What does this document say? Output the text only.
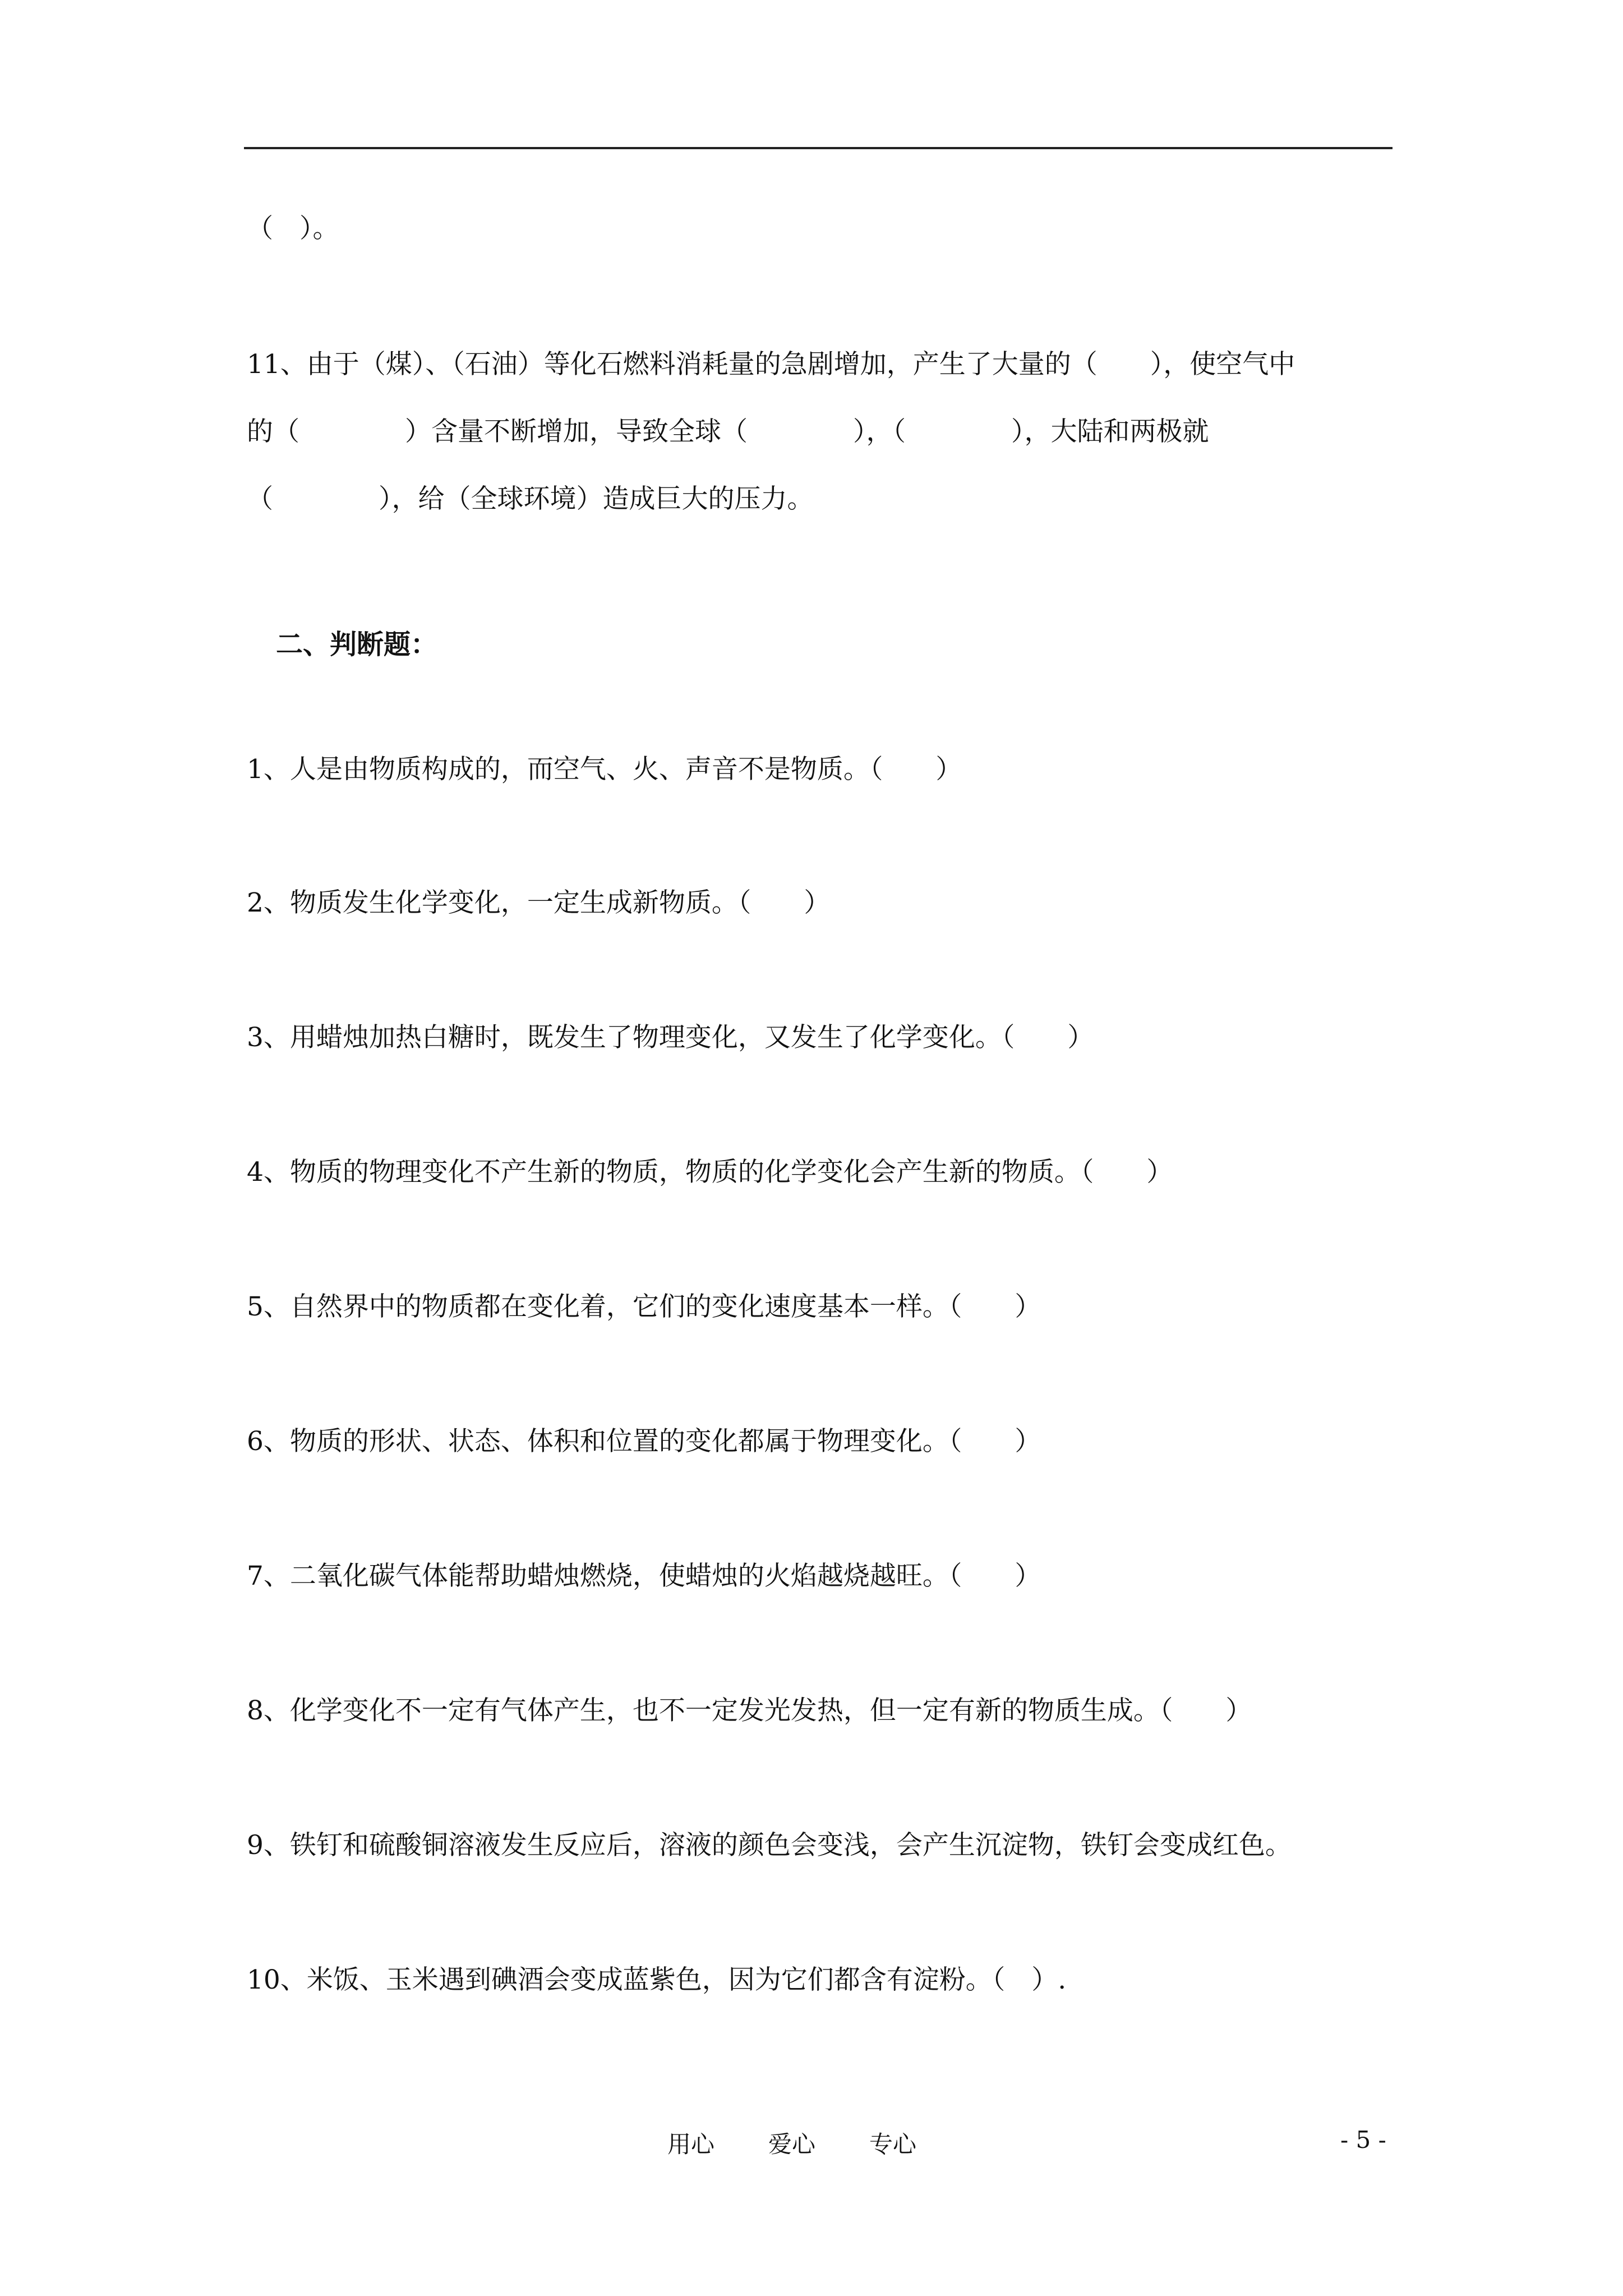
（　）。
11、由于（煤）、（石油）等化石燃料消耗量的急剧增加，产生了大量的（　　），使空气中
的（　　　　）含量不断增加，导致全球（　　　　），（　　　　），大陆和两极就
（　　　　），给（全球环境）造成巨大的压力。
二、判断题：
1、人是由物质构成的，而空气、火、声音不是物质。（　　）
2、物质发生化学变化，一定生成新物质。（　　）
3、用蜡烛加热白糖时，既发生了物理变化，又发生了化学变化。（　　）
4、物质的物理变化不产生新的物质，物质的化学变化会产生新的物质。（　　）
5、自然界中的物质都在变化着，它们的变化速度基本一样。（　　）
6、物质的形状、状态、体积和位置的变化都属于物理变化。（　　）
7、二氧化碳气体能帮助蜡烛燃烧，使蜡烛的火焰越烧越旺。（　　）
8、化学变化不一定有气体产生，也不一定发光发热，但一定有新的物质生成。（　　）
9、铁钉和硫酸铜溶液发生反应后，溶液的颜色会变浅，会产生沉淀物，铁钉会变成红色。
10、米饭、玉米遇到碘酒会变成蓝紫色，因为它们都含有淀粉。（　）.
用心 爱心 专心	- 5 -
